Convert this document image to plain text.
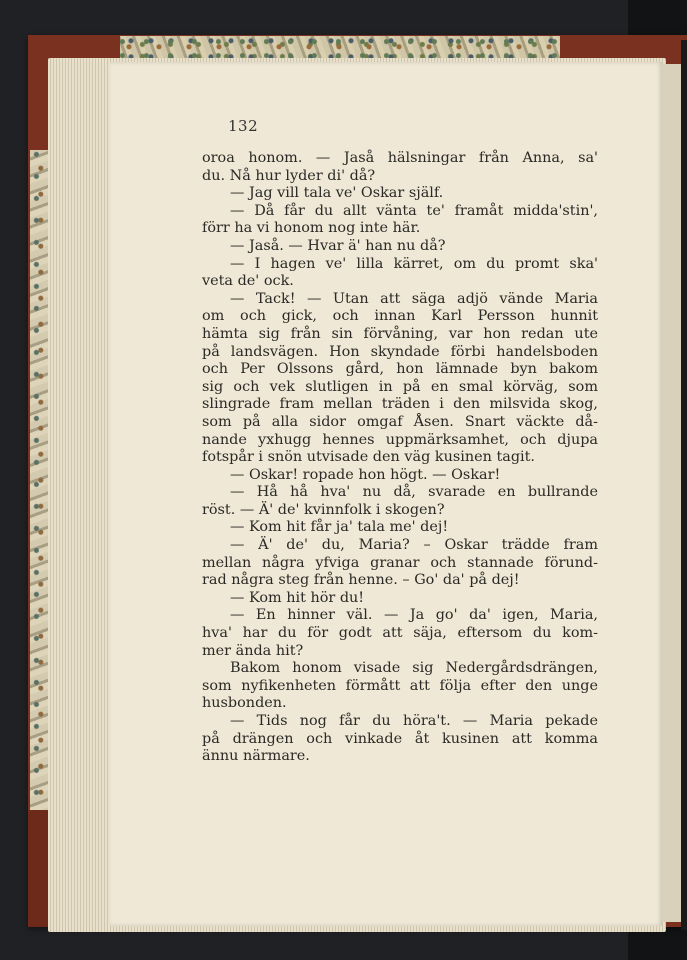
132
oroa honom. — Jaså hälsningar från Anna, sa'
du. Nå hur lyder di' då?
— Jag vill tala ve' Oskar själf.
— Då får du allt vänta te' framåt midda'stin',
förr ha vi honom nog inte här.
— Jaså. — Hvar ä' han nu då?
— I hagen ve' lilla kärret, om du promt ska'
veta de' ock.
— Tack! — Utan att säga adjö vände Maria
om och gick, och innan Karl Persson hunnit
hämta sig från sin förvåning, var hon redan ute
på landsvägen. Hon skyndade förbi handelsboden
och Per Olssons gård, hon lämnade byn bakom
sig och vek slutligen in på en smal körväg, som
slingrade fram mellan träden i den milsvida skog,
som på alla sidor omgaf Åsen. Snart väckte då-
nande yxhugg hennes uppmärksamhet, och djupa
fotspår i snön utvisade den väg kusinen tagit.
— Oskar! ropade hon högt. — Oskar!
— Hå hå hva' nu då, svarade en bullrande
röst. — Ä' de' kvinnfolk i skogen?
— Kom hit får ja' tala me' dej!
— Ä' de' du, Maria? – Oskar trädde fram
mellan några yfviga granar och stannade förund-
rad några steg från henne. – Go' da' på dej!
— Kom hit hör du!
— En hinner väl. — Ja go' da' igen, Maria,
hva' har du för godt att säja, eftersom du kom-
mer ända hit?
Bakom honom visade sig Nedergårdsdrängen,
som nyfikenheten förmått att följa efter den unge
husbonden.
— Tids nog får du höra't. — Maria pekade
på drängen och vinkade åt kusinen att komma
ännu närmare.
